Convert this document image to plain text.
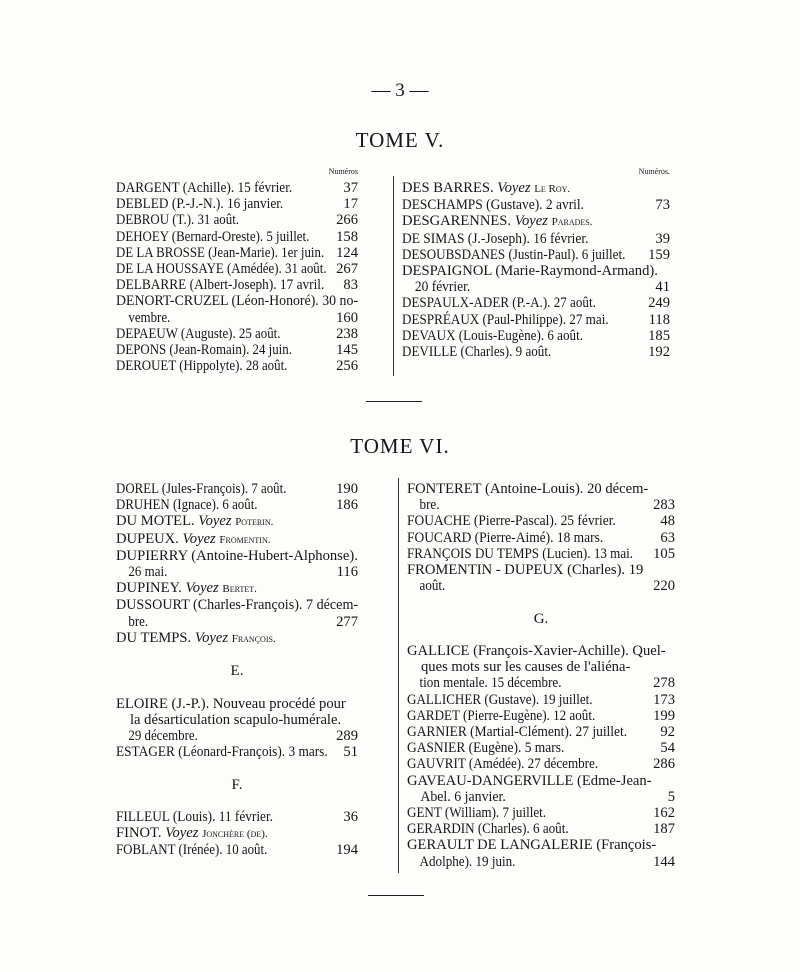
— 3 —
TOME V.
Numéros
DARGENT (Achille). 15 février.	37
DEBLED (P.-J.-N.). 16 janvier.	17
DEBROU (T.). 31 août.	266
DEHOEY (Bernard-Oreste). 5 juillet.	158
DE LA BROSSE (Jean-Marie). 1er juin. 124
DE LA HOUSSAYE (Amédée). 31 août. 267
DELBARRE (Albert-Joseph). 17 avril.	83
DENORT-CRUZEL (Léon-Honoré). 30 no-
vembre.	160
DEPAEUW (Auguste). 25 août.	238
DEPONS (Jean-Romain). 24 juin.	145
DEROUET (Hippolyte). 28 août.	256
Numéros.
DES BARRES. Voyez Le Roy.
DESCHAMPS (Gustave). 2 avril.	73
DESGARENNES. Voyez Parades.
DE SIMAS (J.-Joseph). 16 février.	39
DESOUBSDANES (Justin-Paul). 6 juillet.	159
DESPAIGNOL (Marie-Raymond-Armand).
20 février.	41
DESPAULX-ADER (P.-A.). 27 août.	249
DESPRÉAUX (Paul-Philippe). 27 mai.	118
DEVAUX (Louis-Eugène). 6 août.	185
DEVILLE (Charles). 9 août.	192
TOME VI.
DOREL (Jules-François). 7 août.	190
DRUHEN (Ignace). 6 août.	186
DU MOTEL. Voyez Poterin.
DUPEUX. Voyez Fromentin.
DUPIERRY (Antoine-Hubert-Alphonse).
26 mai.	116
DUPINEY. Voyez Bertet.
DUSSOURT (Charles-François). 7 décem-
bre.	277
DU TEMPS. Voyez François.
E.
ELOIRE (J.-P.). Nouveau procédé pour
la désarticulation scapulo-humérale.
29 décembre.	289
ESTAGER (Léonard-François). 3 mars.	51
F.
FILLEUL (Louis). 11 février.	36
FINOT. Voyez Jonchère (de).
FOBLANT (Irénée). 10 août.	194
FONTERET (Antoine-Louis). 20 décem-
bre.	283
FOUACHE (Pierre-Pascal). 25 février.	48
FOUCARD (Pierre-Aimé). 18 mars.	63
FRANÇOIS DU TEMPS (Lucien). 13 mai.	105
FROMENTIN - DUPEUX (Charles). 19
août.	220
G.
GALLICE (François-Xavier-Achille). Quel-
ques mots sur les causes de l'aliéna-
tion mentale. 15 décembre.	278
GALLICHER (Gustave). 19 juillet.	173
GARDET (Pierre-Eugène). 12 août.	199
GARNIER (Martial-Clément). 27 juillet.	92
GASNIER (Eugène). 5 mars.	54
GAUVRIT (Amédée). 27 décembre.	286
GAVEAU-DANGERVILLE (Edme-Jean-
Abel. 6 janvier.	5
GENT (William). 7 juillet.	162
GERARDIN (Charles). 6 août.	187
GERAULT DE LANGALERIE (François-
Adolphe). 19 juin.	144
